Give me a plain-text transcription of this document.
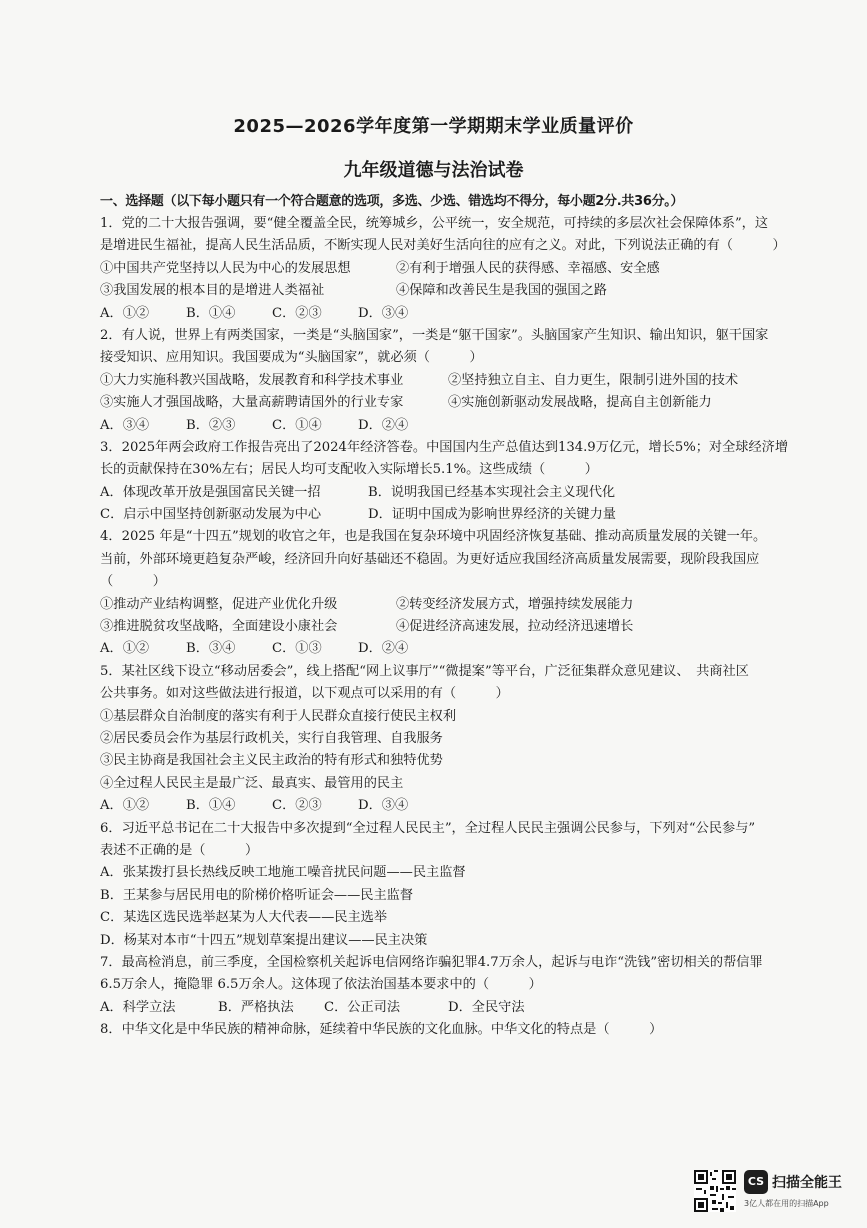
2025—2026学年度第一学期期末学业质量评价
九年级道德与法治试卷
一、选择题（以下每小题只有一个符合题意的选项，多选、少选、错选均不得分，每小题2分.共36分。）
1．党的二十大报告强调，要“健全覆盖全民，统筹城乡，公平统一，安全规范，可持续的多层次社会保障体系”，这
是增进民生福祉，提高人民生活品质，不断实现人民对美好生活向往的应有之义。对此，下列说法正确的有（　　　）
①中国共产党坚持以人民为中心的发展思想	②有利于增强人民的获得感、幸福感、安全感
③我国发展的根本目的是增进人类福祉	④保障和改善民生是我国的强国之路
A．①②	B．①④	C．②③	D．③④
2．有人说，世界上有两类国家，一类是“头脑国家”，一类是“躯干国家”。头脑国家产生知识、输出知识，躯干国家
接受知识、应用知识。我国要成为“头脑国家”，就必须（　　　）
①大力实施科教兴国战略，发展教育和科学技术事业	②坚持独立自主、自力更生，限制引进外国的技术
③实施人才强国战略，大量高薪聘请国外的行业专家	④实施创新驱动发展战略，提高自主创新能力
A．③④	B．②③	C．①④	D．②④
3．2025年两会政府工作报告亮出了2024年经济答卷。中国国内生产总值达到134.9万亿元，增长5%；对全球经济增
长的贡献保持在30%左右；居民人均可支配收入实际增长5.1%。这些成绩（　　　）
A．体现改革开放是强国富民关键一招	B．说明我国已经基本实现社会主义现代化
C．启示中国坚持创新驱动发展为中心	D．证明中国成为影响世界经济的关键力量
4．2025 年是“十四五”规划的收官之年，也是我国在复杂环境中巩固经济恢复基础、推动高质量发展的关键一年。
当前，外部环境更趋复杂严峻，经济回升向好基础还不稳固。为更好适应我国经济高质量发展需要，现阶段我国应
（　　　）
①推动产业结构调整，促进产业优化升级	②转变经济发展方式，增强持续发展能力
③推进脱贫攻坚战略，全面建设小康社会	④促进经济高速发展，拉动经济迅速增长
A．①②	B．③④	C．①③	D．②④
5．某社区线下设立“移动居委会”，线上搭配“网上议事厅”“微提案”等平台，广泛征集群众意见建议、　共商社区
公共事务。如对这些做法进行报道，以下观点可以采用的有（　　　）
①基层群众自治制度的落实有利于人民群众直接行使民主权利
②居民委员会作为基层行政机关，实行自我管理、自我服务
③民主协商是我国社会主义民主政治的特有形式和独特优势
④全过程人民民主是最广泛、最真实、最管用的民主
A．①②	B．①④	C．②③	D．③④
6．习近平总书记在二十大报告中多次提到“全过程人民民主”，全过程人民民主强调公民参与，下列对“公民参与”
表述不正确的是（　　　）
A．张某拨打县长热线反映工地施工噪音扰民问题——民主监督
B．王某参与居民用电的阶梯价格听证会——民主监督
C．某选区选民选举赵某为人大代表——民主选举
D．杨某对本市“十四五”规划草案提出建议——民主决策
7．最高检消息，前三季度，全国检察机关起诉电信网络诈骗犯罪4.7万余人，起诉与电诈“洗钱”密切相关的帮信罪
6.5万余人，掩隐罪 6.5万余人。这体现了依法治国基本要求中的（　　　）
A．科学立法	B．严格执法	C．公正司法	D．全民守法
8．中华文化是中华民族的精神命脉，延续着中华民族的文化血脉。中华文化的特点是（　　　）
CS 扫描全能王
3亿人都在用的扫描App
